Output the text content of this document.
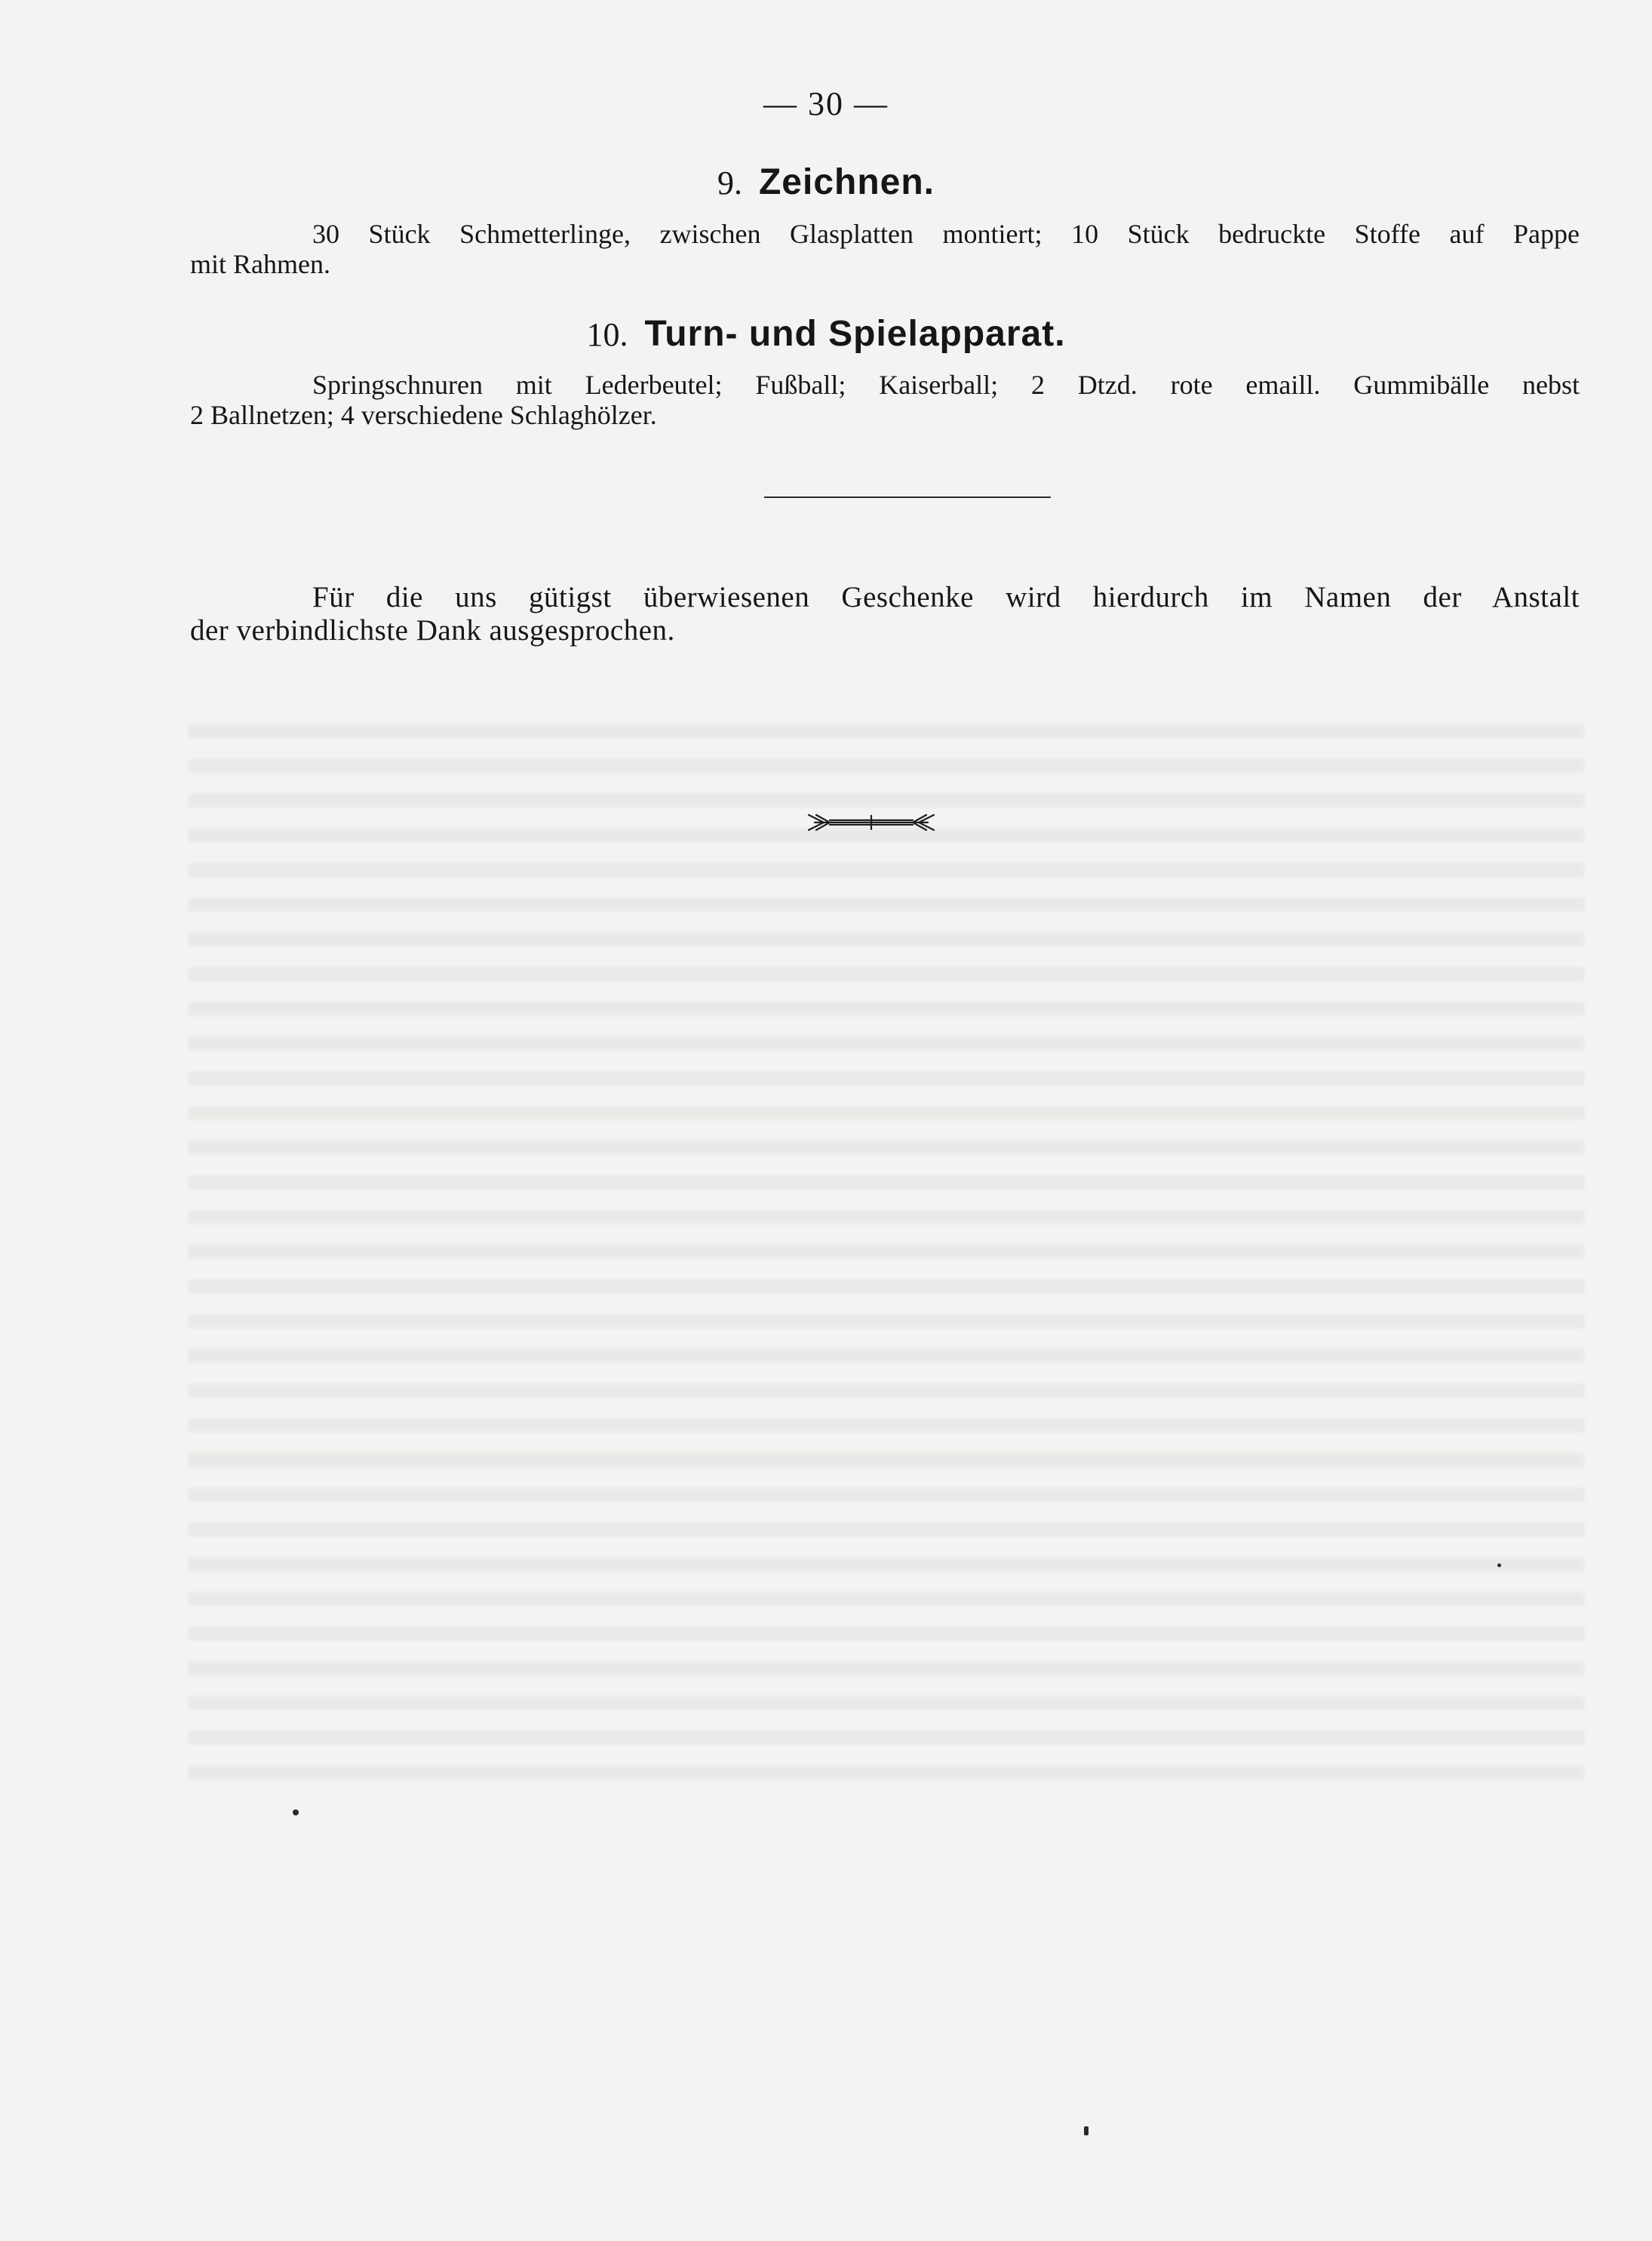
— 30 —
9. Zeichnen.
30 Stück Schmetterlinge, zwischen Glasplatten montiert; 10 Stück bedruckte Stoffe auf Pappe
mit Rahmen.
10. Turn- und Spielapparat.
Springschnuren mit Lederbeutel; Fußball; Kaiserball; 2 Dtzd. rote emaill. Gummibälle nebst
2 Ballnetzen; 4 verschiedene Schlaghölzer.
Für die uns gütigst überwiesenen Geschenke wird hierdurch im Namen der Anstalt
der verbindlichste Dank ausgesprochen.
